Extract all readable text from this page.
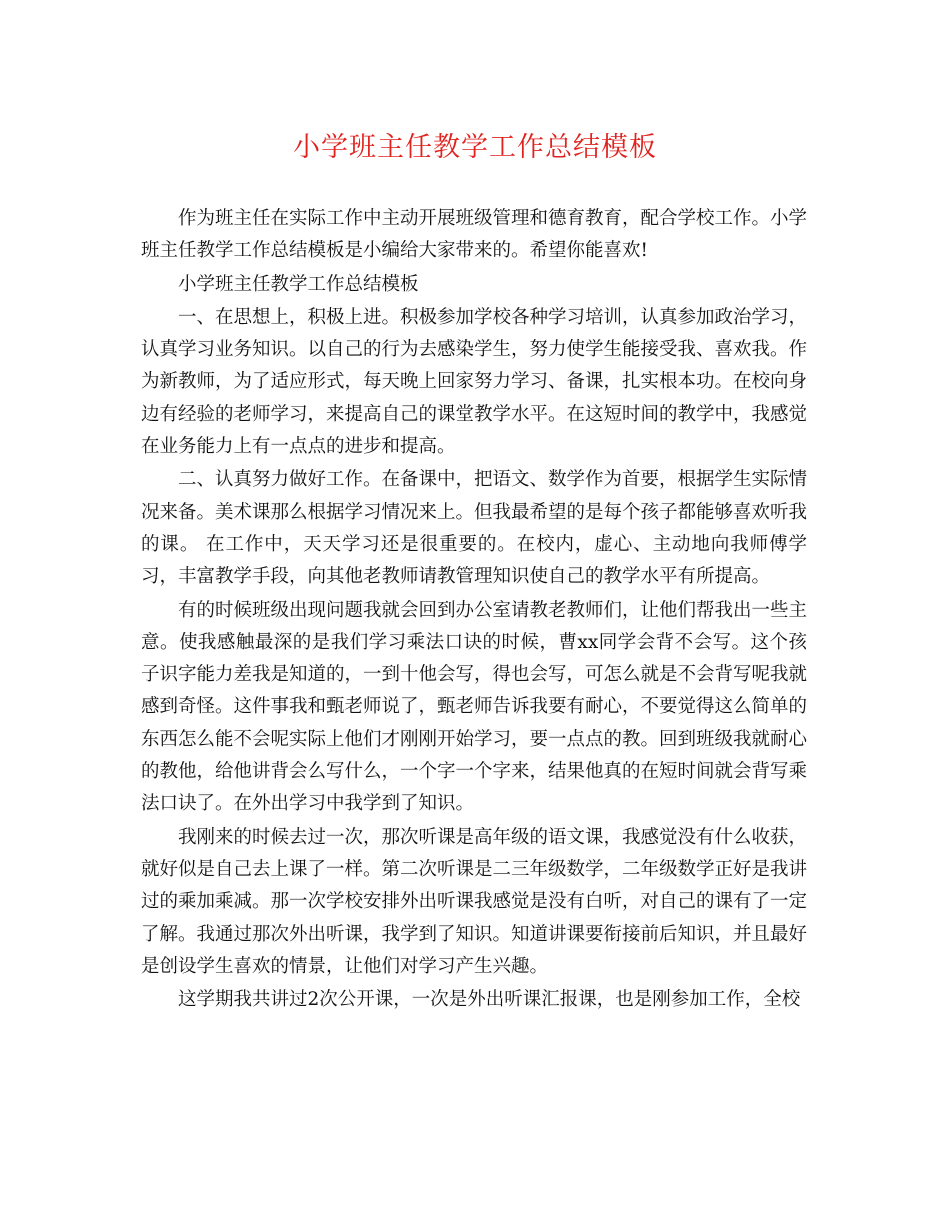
小学班主任教学工作总结模板

作为班主任在实际工作中主动开展班级管理和德育教育，配合学校工作。小学班主任教学工作总结模板是小编给大家带来的。希望你能喜欢!

小学班主任教学工作总结模板

一、在思想上，积极上进。积极参加学校各种学习培训，认真参加政治学习，认真学习业务知识。以自己的行为去感染学生，努力使学生能接受我、喜欢我。作为新教师，为了适应形式，每天晚上回家努力学习、备课，扎实根本功。在校向身边有经验的老师学习，来提高自己的课堂教学水平。在这短时间的教学中，我感觉在业务能力上有一点点的进步和提高。

二、认真努力做好工作。在备课中，把语文、数学作为首要，根据学生实际情况来备。美术课那么根据学习情况来上。但我最希望的是每个孩子都能够喜欢听我的课。 在工作中，天天学习还是很重要的。在校内，虚心、主动地向我师傅学习，丰富教学手段，向其他老教师请教管理知识使自己的教学水平有所提高。

有的时候班级出现问题我就会回到办公室请教老教师们，让他们帮我出一些主意。使我感触最深的是我们学习乘法口诀的时候，曹xx同学会背不会写。这个孩子识字能力差我是知道的，一到十他会写，得也会写，可怎么就是不会背写呢我就感到奇怪。这件事我和甄老师说了，甄老师告诉我要有耐心，不要觉得这么简单的东西怎么能不会呢实际上他们才刚刚开始学习，要一点点的教。回到班级我就耐心的教他，给他讲背会么写什么，一个字一个字来，结果他真的在短时间就会背写乘法口诀了。在外出学习中我学到了知识。

我刚来的时候去过一次，那次听课是高年级的语文课，我感觉没有什么收获，就好似是自己去上课了一样。第二次听课是二三年级数学，二年级数学正好是我讲过的乘加乘减。那一次学校安排外出听课我感觉是没有白听，对自己的课有了一定了解。我通过那次外出听课，我学到了知识。知道讲课要衔接前后知识，并且最好是创设学生喜欢的情景，让他们对学习产生兴趣。

这学期我共讲过2次公开课，一次是外出听课汇报课，也是刚参加工作，全校
